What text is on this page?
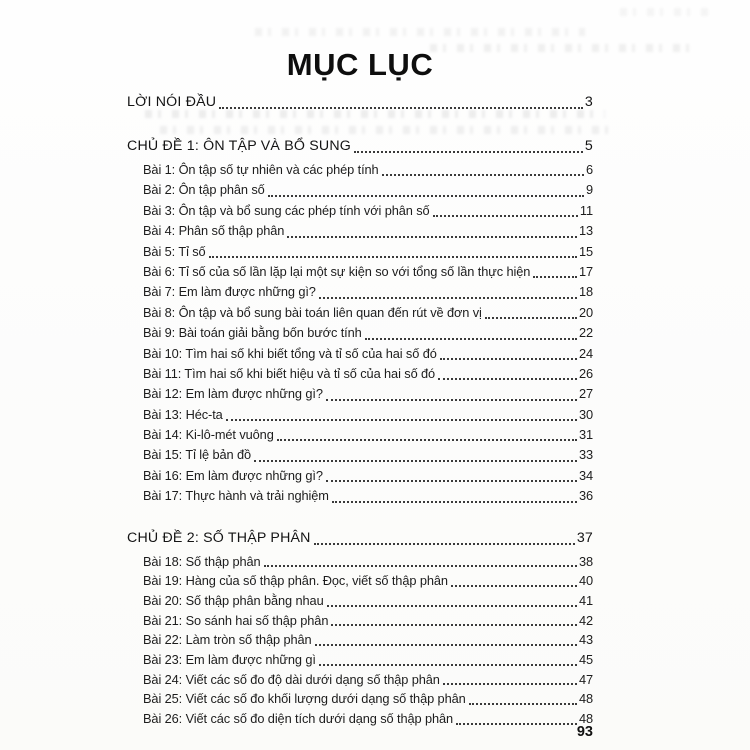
MỤC LỤC
LỜI NÓI ĐẦU	3
CHỦ ĐỀ 1: ÔN TẬP VÀ BỔ SUNG	5
Bài 1: Ôn tập số tự nhiên và các phép tính	6
Bài 2: Ôn tập phân số	9
Bài 3: Ôn tập và bổ sung các phép tính với phân số	11
Bài 4: Phân số thập phân	13
Bài 5: Tỉ số	15
Bài 6: Tỉ số của số lần lặp lại một sự kiện so với tổng số lần thực hiện	17
Bài 7: Em làm được những gì?	18
Bài 8: Ôn tập và bổ sung bài toán liên quan đến rút về đơn vị	20
Bài 9: Bài toán giải bằng bốn bước tính	22
Bài 10: Tìm hai số khi biết tổng và tỉ số của hai số đó	24
Bài 11: Tìm hai số khi biết hiệu và tỉ số của hai số đó	26
Bài 12: Em làm được những gì?	27
Bài 13: Héc-ta	30
Bài 14: Ki-lô-mét vuông	31
Bài 15: Tỉ lệ bản đồ	33
Bài 16: Em làm được những gì?	34
Bài 17: Thực hành và trải nghiệm	36
CHỦ ĐỀ 2: SỐ THẬP PHÂN	37
Bài 18: Số thập phân	38
Bài 19: Hàng của số thập phân. Đọc, viết số thập phân	40
Bài 20: Số thập phân bằng nhau	41
Bài 21: So sánh hai số thập phân	42
Bài 22: Làm tròn số thập phân	43
Bài 23: Em làm được những gì	45
Bài 24: Viết các số đo độ dài dưới dạng số thập phân	47
Bài 25: Viết các số đo khối lượng dưới dạng số thập phân	48
Bài 26: Viết các số đo diện tích dưới dạng số thập phân	48
93
